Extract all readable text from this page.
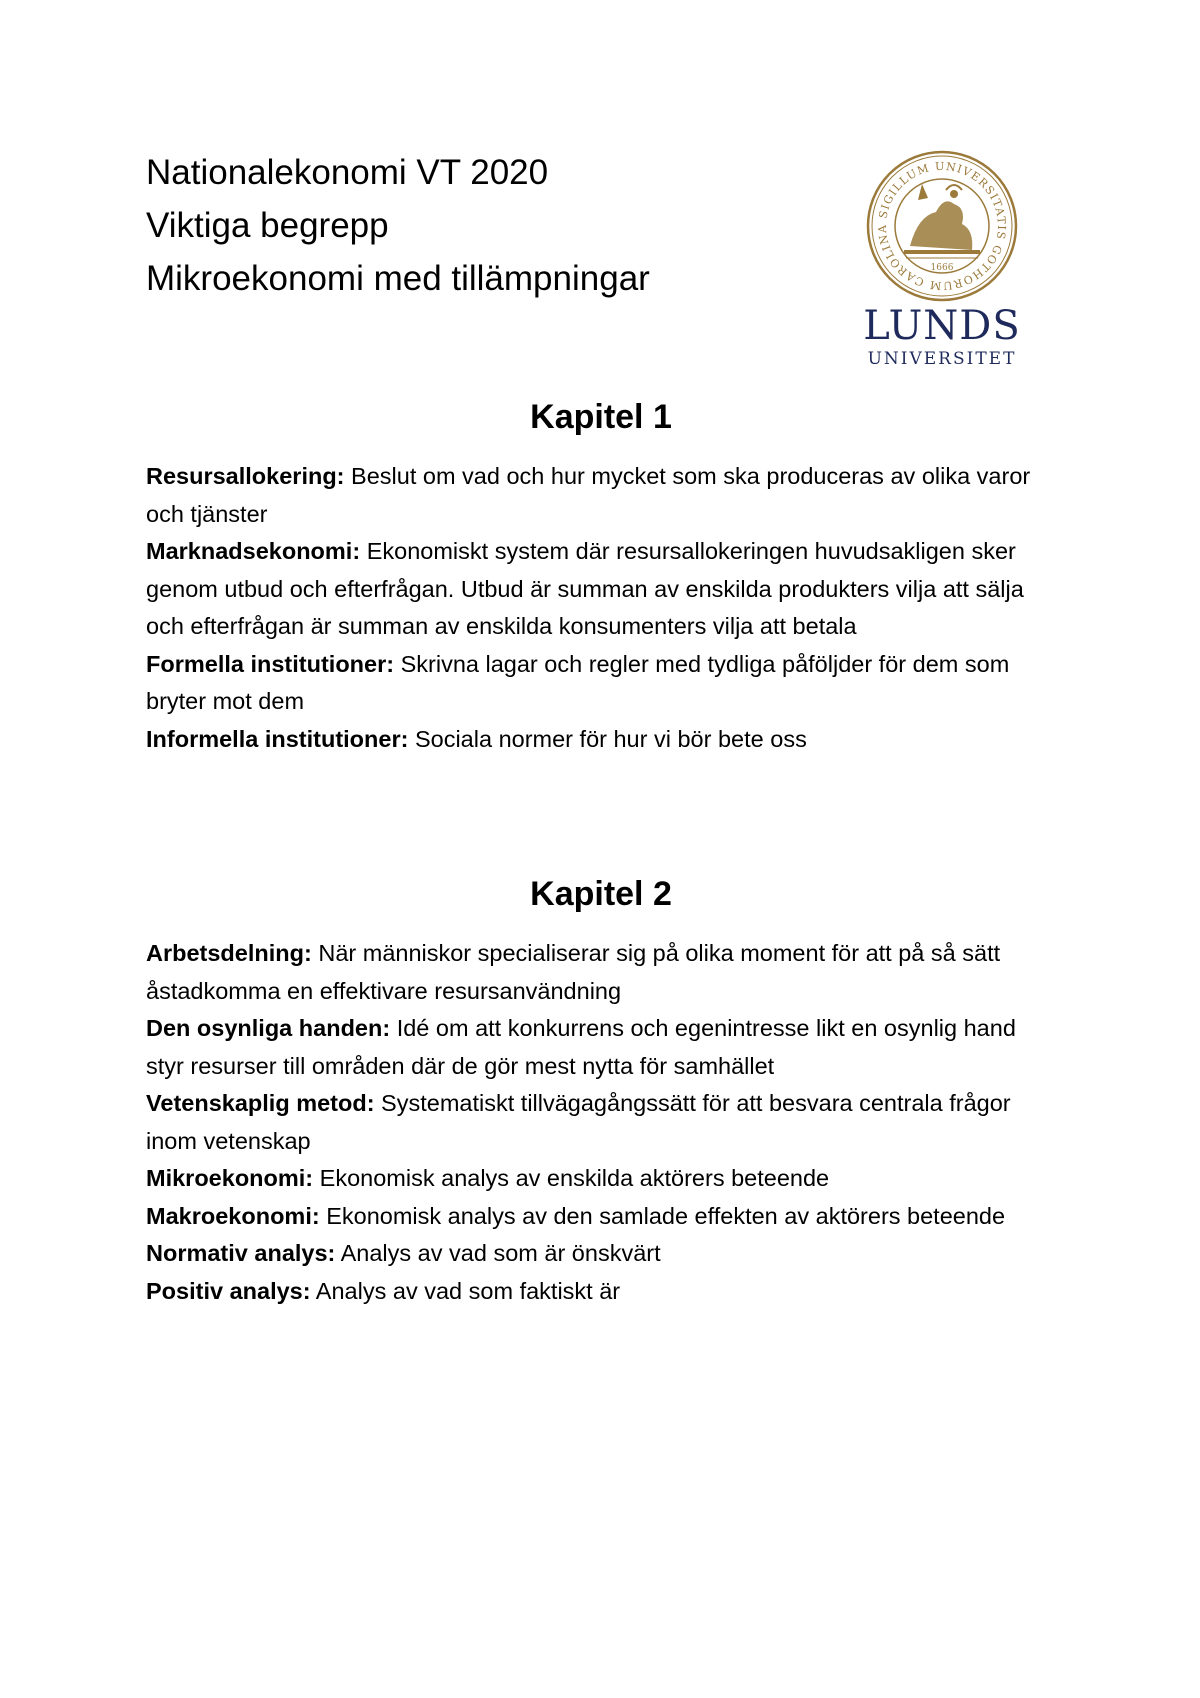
Nationalekonomi VT 2020

Viktiga begrepp

Mikroekonomi med tillämpningar

SIGILLUM UNIVERSITATIS GOTHORUM CAROLINA
1666
LUNDS
UNIVERSITET
Kapitel 1
Resursallokering: Beslut om vad och hur mycket som ska produceras av olika varor och tjänster
Marknadsekonomi: Ekonomiskt system där resursallokeringen huvudsakligen sker genom utbud och efterfrågan. Utbud är summan av enskilda produkters vilja att sälja och efterfrågan är summan av enskilda konsumenters vilja att betala
Formella institutioner: Skrivna lagar och regler med tydliga påföljder för dem som bryter mot dem
Informella institutioner: Sociala normer för hur vi bör bete oss
Kapitel 2
Arbetsdelning: När människor specialiserar sig på olika moment för att på så sätt åstadkomma en effektivare resursanvändning
Den osynliga handen: Idé om att konkurrens och egenintresse likt en osynlig hand styr resurser till områden där de gör mest nytta för samhället
Vetenskaplig metod: Systematiskt tillvägagångssätt för att besvara centrala frågor inom vetenskap
Mikroekonomi: Ekonomisk analys av enskilda aktörers beteende
Makroekonomi: Ekonomisk analys av den samlade effekten av aktörers beteende
Normativ analys: Analys av vad som är önskvärt
Positiv analys: Analys av vad som faktiskt är
